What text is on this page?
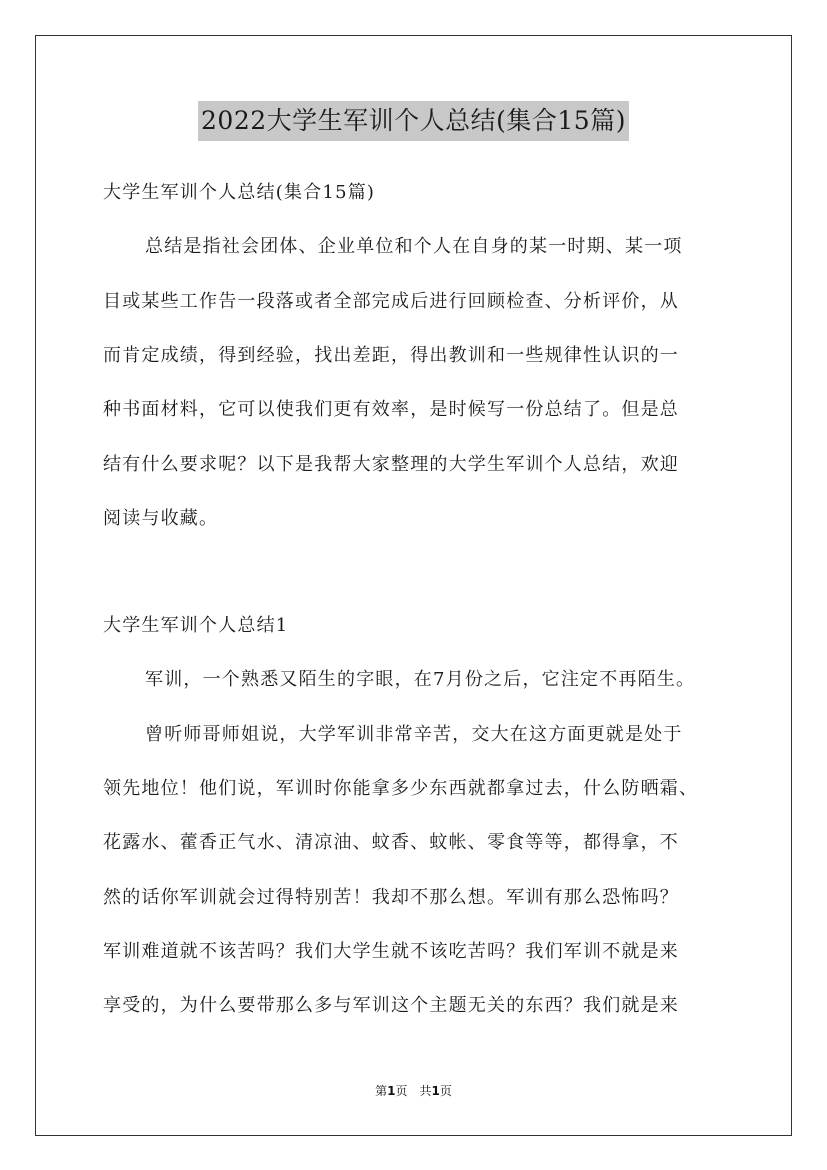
2022大学生军训个人总结(集合15篇)
大学生军训个人总结(集合15篇)
总结是指社会团体、企业单位和个人在自身的某一时期、某一项
目或某些工作告一段落或者全部完成后进行回顾检查、分析评价，从
而肯定成绩，得到经验，找出差距，得出教训和一些规律性认识的一
种书面材料，它可以使我们更有效率，是时候写一份总结了。但是总
结有什么要求呢？以下是我帮大家整理的大学生军训个人总结，欢迎
阅读与收藏。
大学生军训个人总结1
军训，一个熟悉又陌生的字眼，在7月份之后，它注定不再陌生。
曾听师哥师姐说，大学军训非常辛苦，交大在这方面更就是处于
领先地位！他们说，军训时你能拿多少东西就都拿过去，什么防晒霜、
花露水、藿香正气水、清凉油、蚊香、蚊帐、零食等等，都得拿，不
然的话你军训就会过得特别苦！我却不那么想。军训有那么恐怖吗？
军训难道就不该苦吗？我们大学生就不该吃苦吗？我们军训不就是来
享受的，为什么要带那么多与军训这个主题无关的东西？我们就是来
第1页　共1页
